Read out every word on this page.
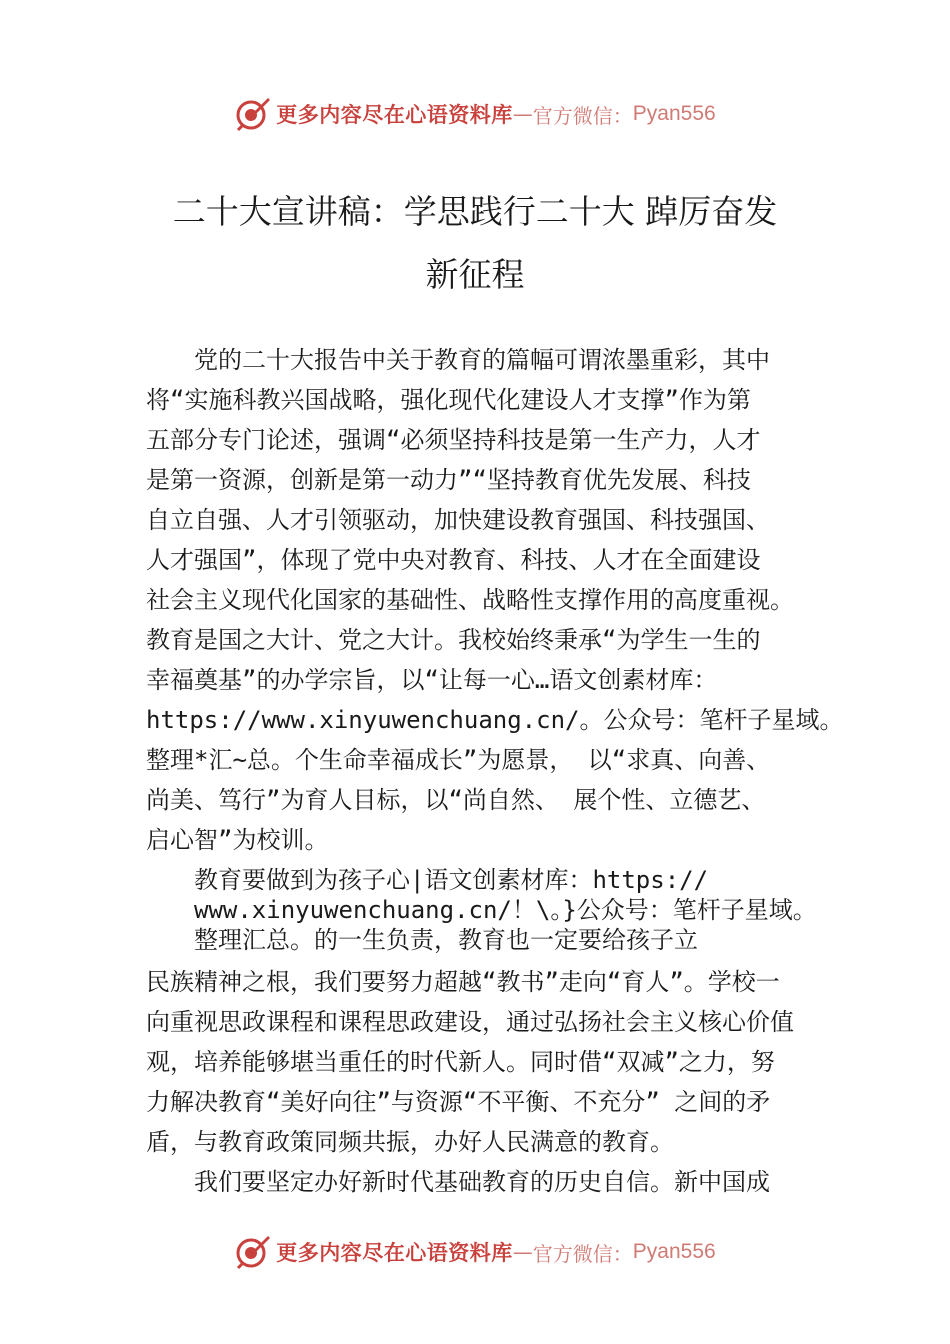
更多内容尽在心语资料库 — 官方微信： Pyan556
二十大宣讲稿：学思践行二十大 踔厉奋发
新征程
　　党的二十大报告中关于教育的篇幅可谓浓墨重彩，其中
将“实施科教兴国战略，强化现代化建设人才支撑”作为第
五部分专门论述，强调“必须坚持科技是第一生产力，人才
是第一资源，创新是第一动力”“坚持教育优先发展、科技
自立自强、人才引领驱动，加快建设教育强国、科技强国、
人才强国”，体现了党中央对教育、科技、人才在全面建设
社会主义现代化国家的基础性、战略性支撑作用的高度重视。
教育是国之大计、党之大计。我校始终秉承“为学生一生的
幸福奠基”的办学宗旨，以“让每一心…语文创素材库：
https://www.xinyuwenchuang.cn/。公众号：笔杆子星域。
整理*汇~总。个生命幸福成长”为愿景， 以“求真、向善、
尚美、笃行”为育人目标，以“尚自然、 展个性、立德艺、
启心智”为校训。
　　教育要做到为孩子心|语文创素材库：https://
　　www.xinyuwenchuang.cn/！\。}公众号：笔杆子星域。
　　整理汇总。的一生负责，教育也一定要给孩子立
民族精神之根，我们要努力超越“教书”走向“育人”。学校一
向重视思政课程和课程思政建设，通过弘扬社会主义核心价值
观，培养能够堪当重任的时代新人。同时借“双减”之力，努
力解决教育“美好向往”与资源“不平衡、不充分” 之间的矛
盾，与教育政策同频共振，办好人民满意的教育。
　　我们要坚定办好新时代基础教育的历史自信。新中国成
更多内容尽在心语资料库 — 官方微信： Pyan556
